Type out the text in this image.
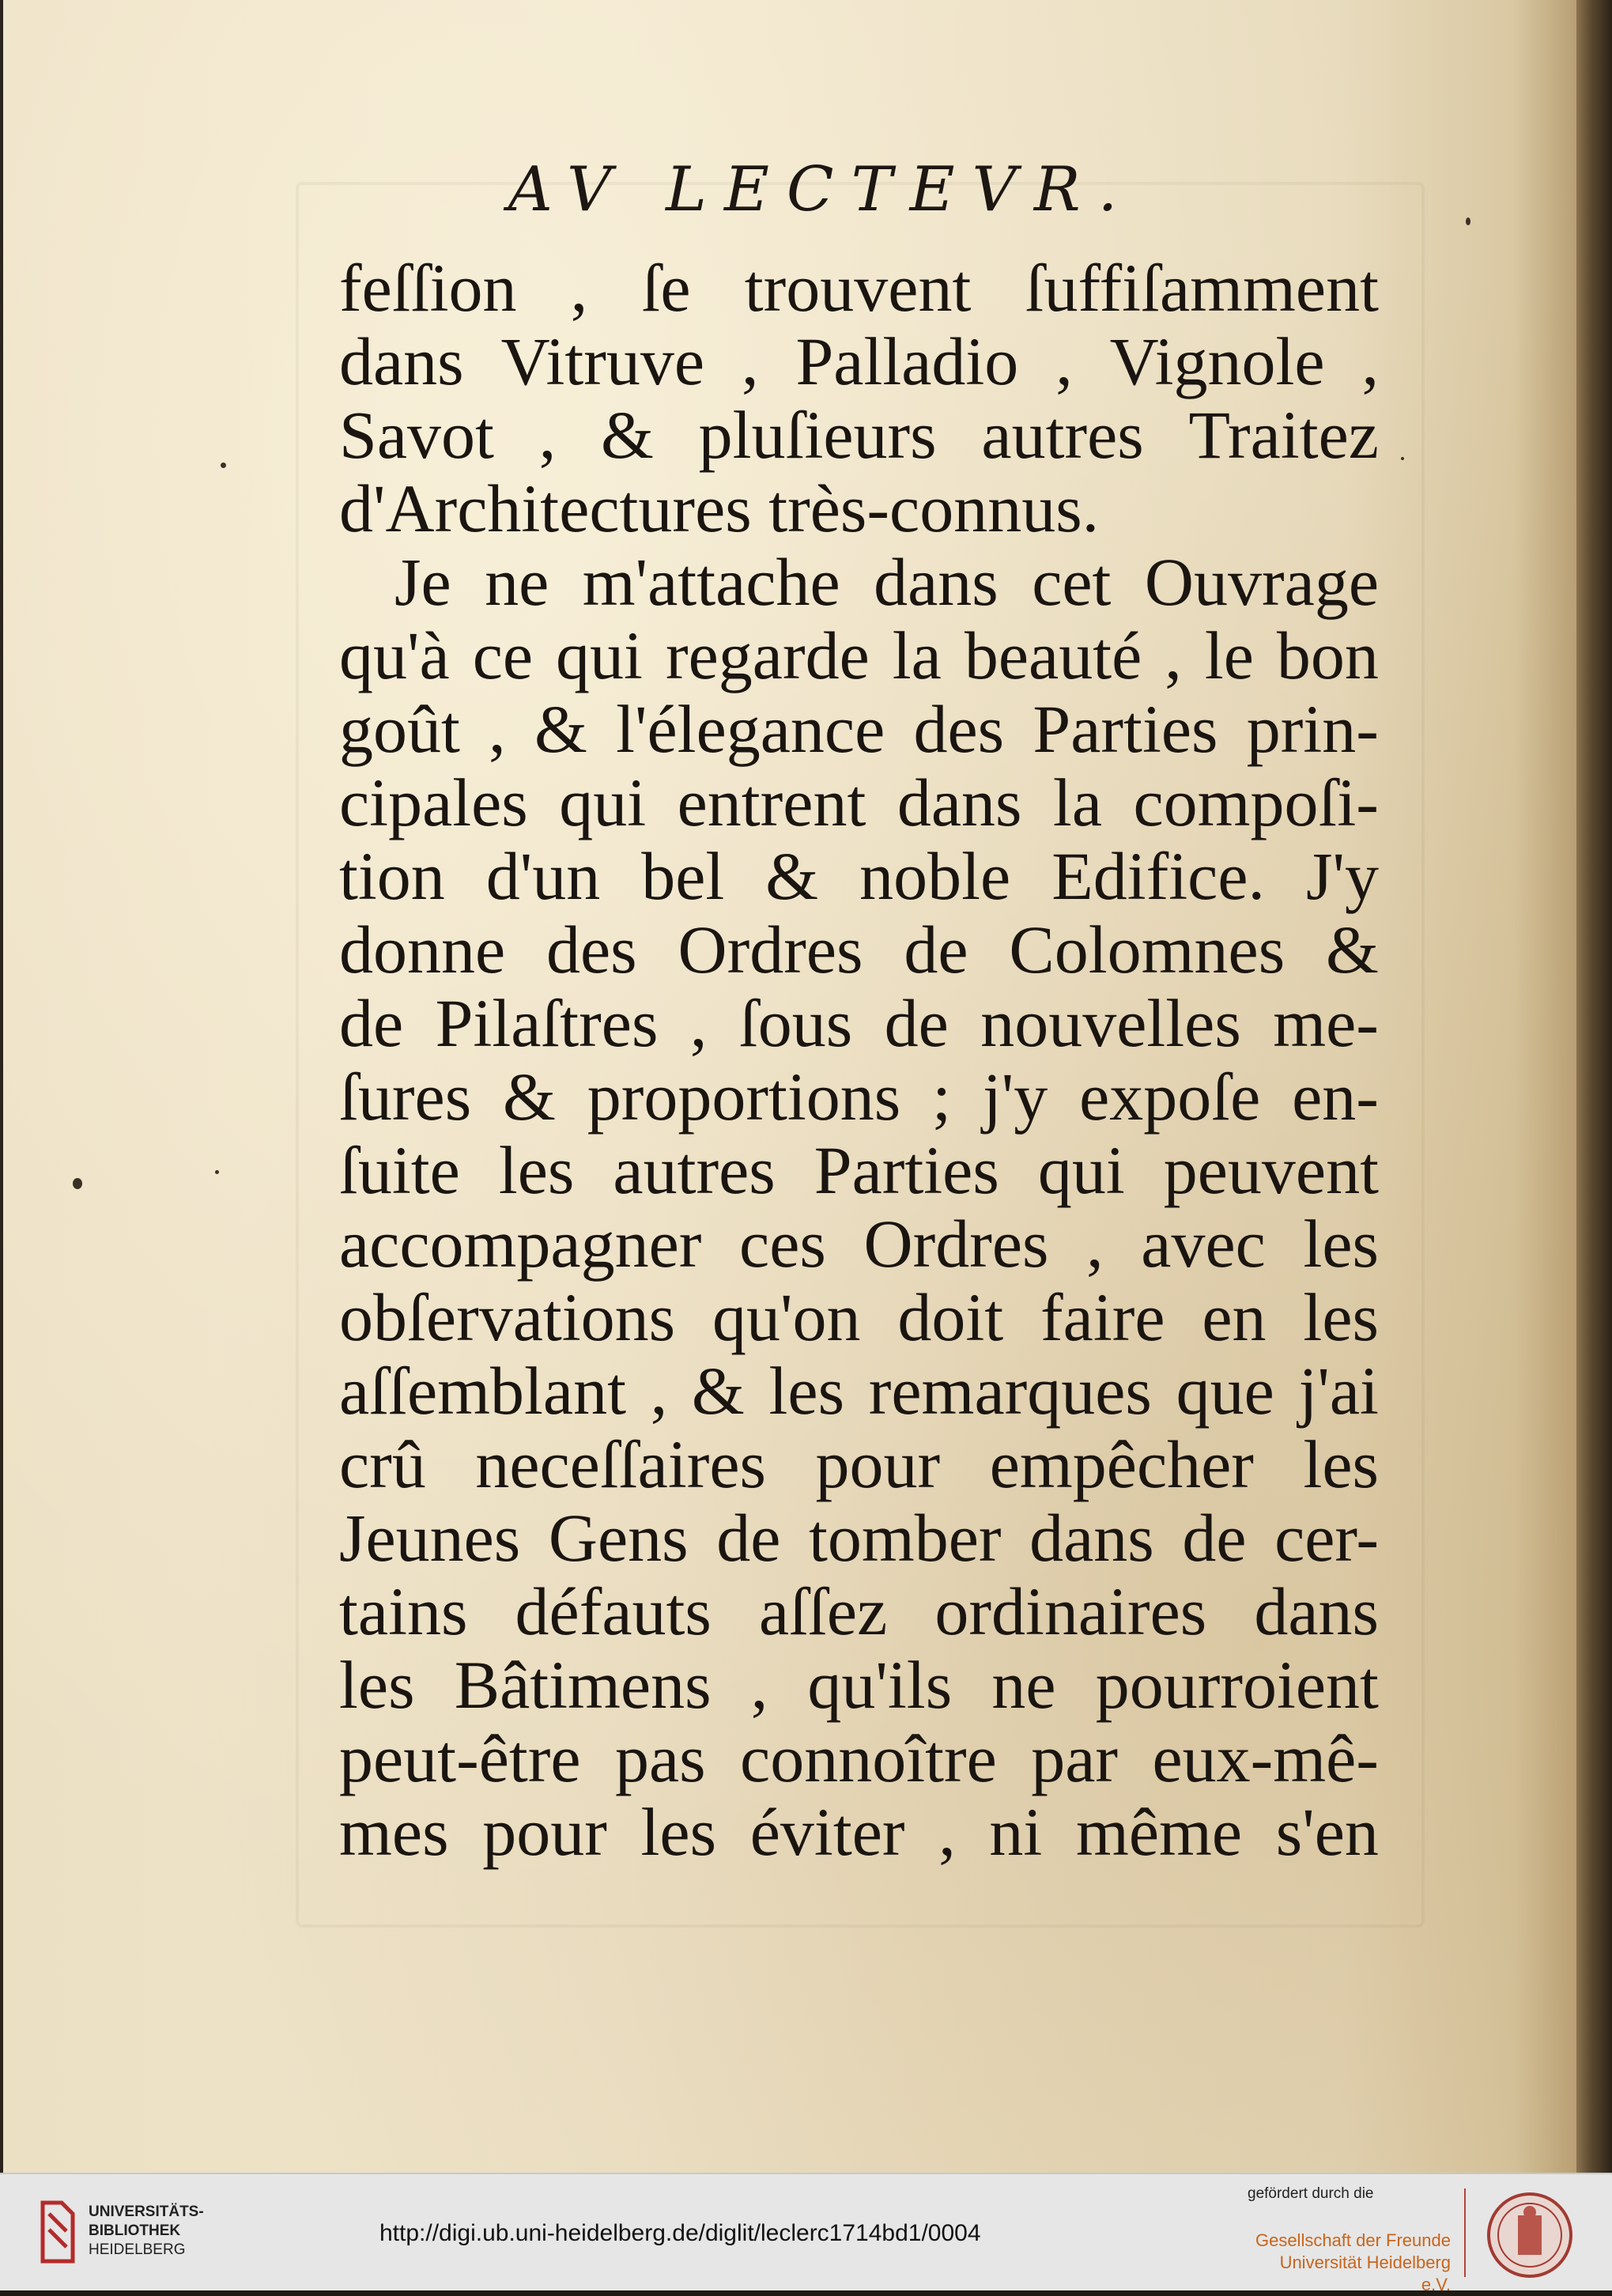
AV LECTEVR.
feſſion , ſe trouvent ſuffiſamment
dans Vitruve , Palladio , Vignole ,
Savot , & pluſieurs autres Traitez
d'Architectures
très-connus.

Je ne m'attache dans cet Ouvrage
qu'à ce qui regarde la beauté , le bon
goût , & l'élegance des Parties prin-
cipales qui entrent dans la compoſi-
tion d'un bel & noble Edifice. J'y
donne des Ordres de Colomnes &
de Pilaſtres , ſous de nouvelles me-
ſures & proportions ; j'y expoſe en-
ſuite les autres Parties qui peuvent
accompagner ces Ordres , avec les
obſervations qu'on doit faire en les
aſſemblant , & les remarques que j'ai
crû neceſſaires pour empêcher les
Jeunes Gens de tomber dans de cer-
tains défauts aſſez ordinaires dans
les Bâtimens , qu'ils ne pourroient
peut-être pas connoître par eux-mê-
mes pour les éviter , ni même s'en
UNIVERSITÄTS-
BIBLIOTHEK
HEIDELBERG
http://digi.ub.uni-heidelberg.de/diglit/leclerc1714bd1/0004
gefördert durch die
Gesellschaft der Freunde
Universität Heidelberg e.V.
